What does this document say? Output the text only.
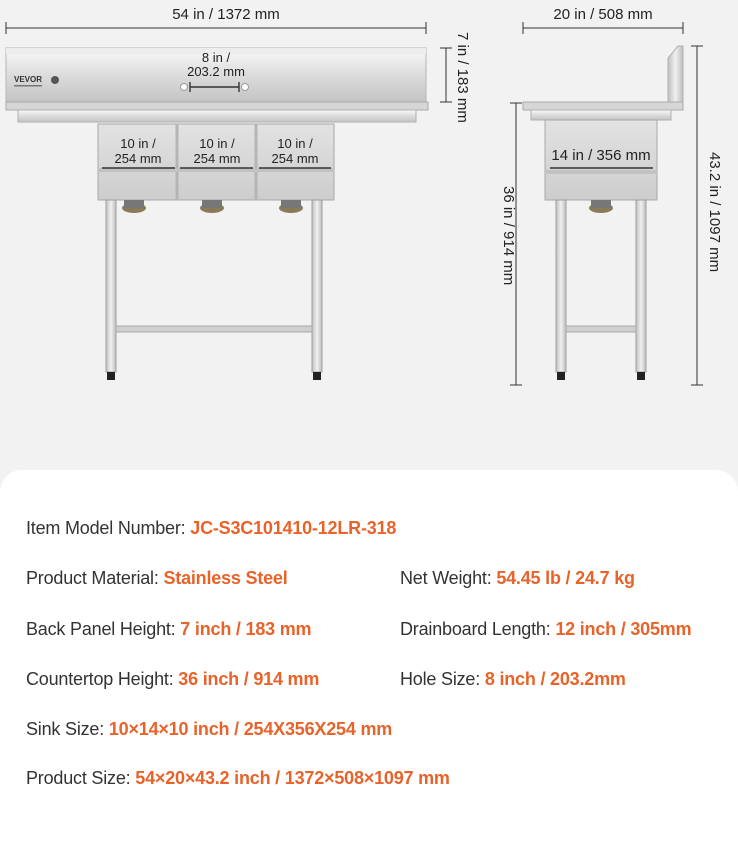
54 in / 1372 mm
VEVOR
8 in /
203.2 mm	7 in / 183 mm
10 in /
254 mm
10 in /
254 mm
10 in /
254 mm
20 in / 508 mm
14 in / 356 mm
36 in / 914 mm	43.2 in / 1097 mm
Item Model Number: JC-S3C101410-12LR-318
Product Material: Stainless Steel	Net Weight: 54.45 lb / 24.7 kg
Back Panel Height: 7 inch / 183 mm	Drainboard Length: 12 inch / 305mm
Countertop Height: 36 inch / 914 mm	Hole Size: 8 inch / 203.2mm
Sink Size: 10×14×10 inch / 254X356X254 mm
Product Size: 54×20×43.2 inch / 1372×508×1097 mm
